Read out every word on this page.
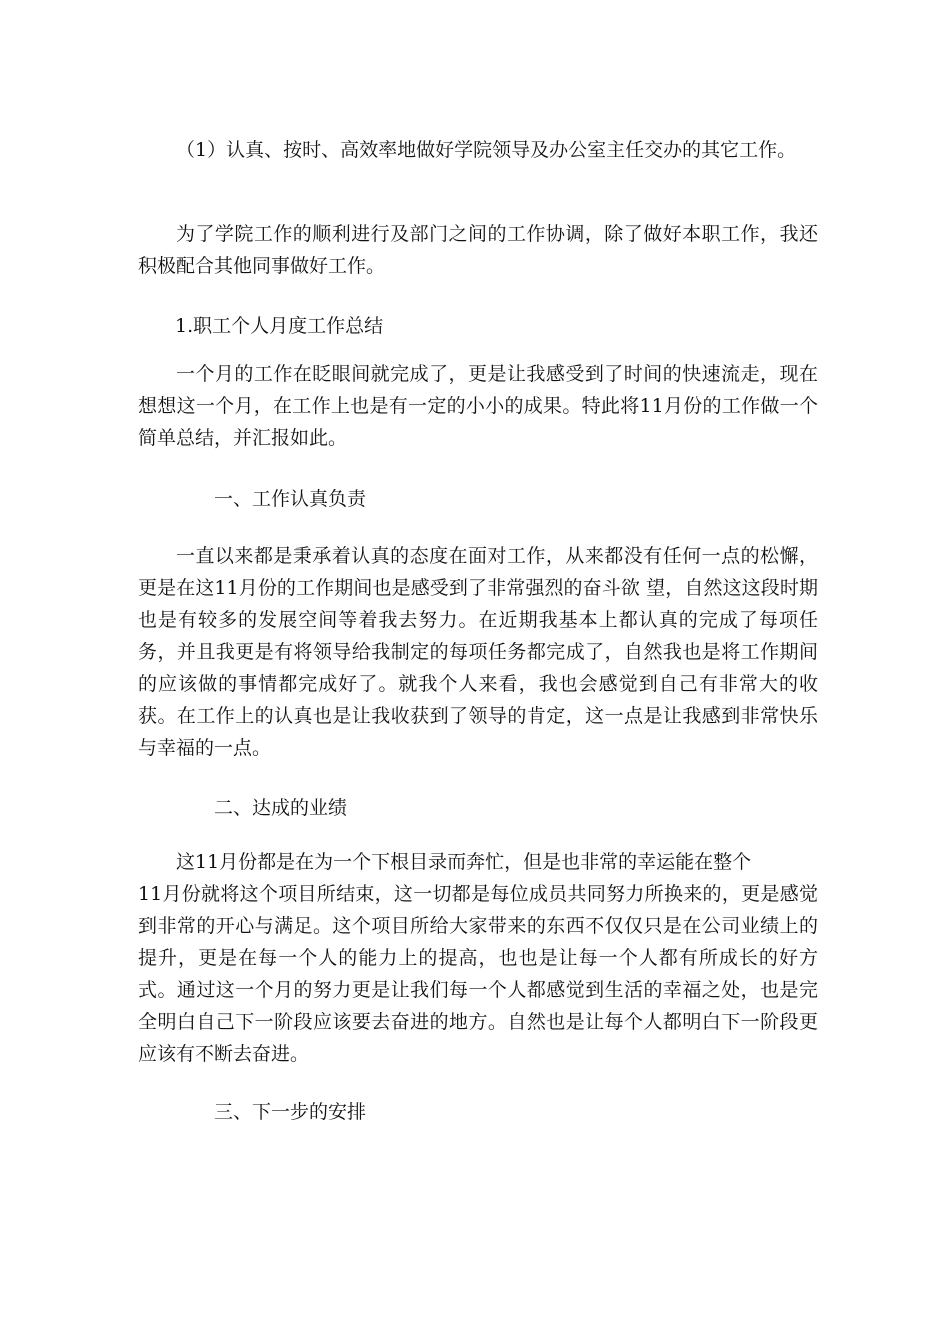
（1）认真、按时、高效率地做好学院领导及办公室主任交办的其它工作。

为了学院工作的顺利进行及部门之间的工作协调，除了做好本职工作，我还积极配合其他同事做好工作。

1.职工个人月度工作总结

一个月的工作在眨眼间就完成了，更是让我感受到了时间的快速流走，现在想想这一个月，在工作上也是有一定的小小的成果。特此将11月份的工作做一个简单总结，并汇报如此。

一、工作认真负责

一直以来都是秉承着认真的态度在面对工作，从来都没有任何一点的松懈，更是在这11月份的工作期间也是感受到了非常强烈的奋斗欲 望，自然这这段时期也是有较多的发展空间等着我去努力。在近期我基本上都认真的完成了每项任务，并且我更是有将领导给我制定的每项任务都完成了，自然我也是将工作期间的应该做的事情都完成好了。就我个人来看，我也会感觉到自己有非常大的收获。在工作上的认真也是让我收获到了领导的肯定，这一点是让我感到非常快乐与幸福的一点。

二、达成的业绩

这11月份都是在为一个下根目录而奔忙，但是也非常的幸运能在整个

11月份就将这个项目所结束，这一切都是每位成员共同努力所换来的，更是感觉到非常的开心与满足。这个项目所给大家带来的东西不仅仅只是在公司业绩上的提升，更是在每一个人的能力上的提高，也也是让每一个人都有所成长的好方式。通过这一个月的努力更是让我们每一个人都感觉到生活的幸福之处，也是完全明白自己下一阶段应该要去奋进的地方。自然也是让每个人都明白下一阶段更应该有不断去奋进。

三、下一步的安排
